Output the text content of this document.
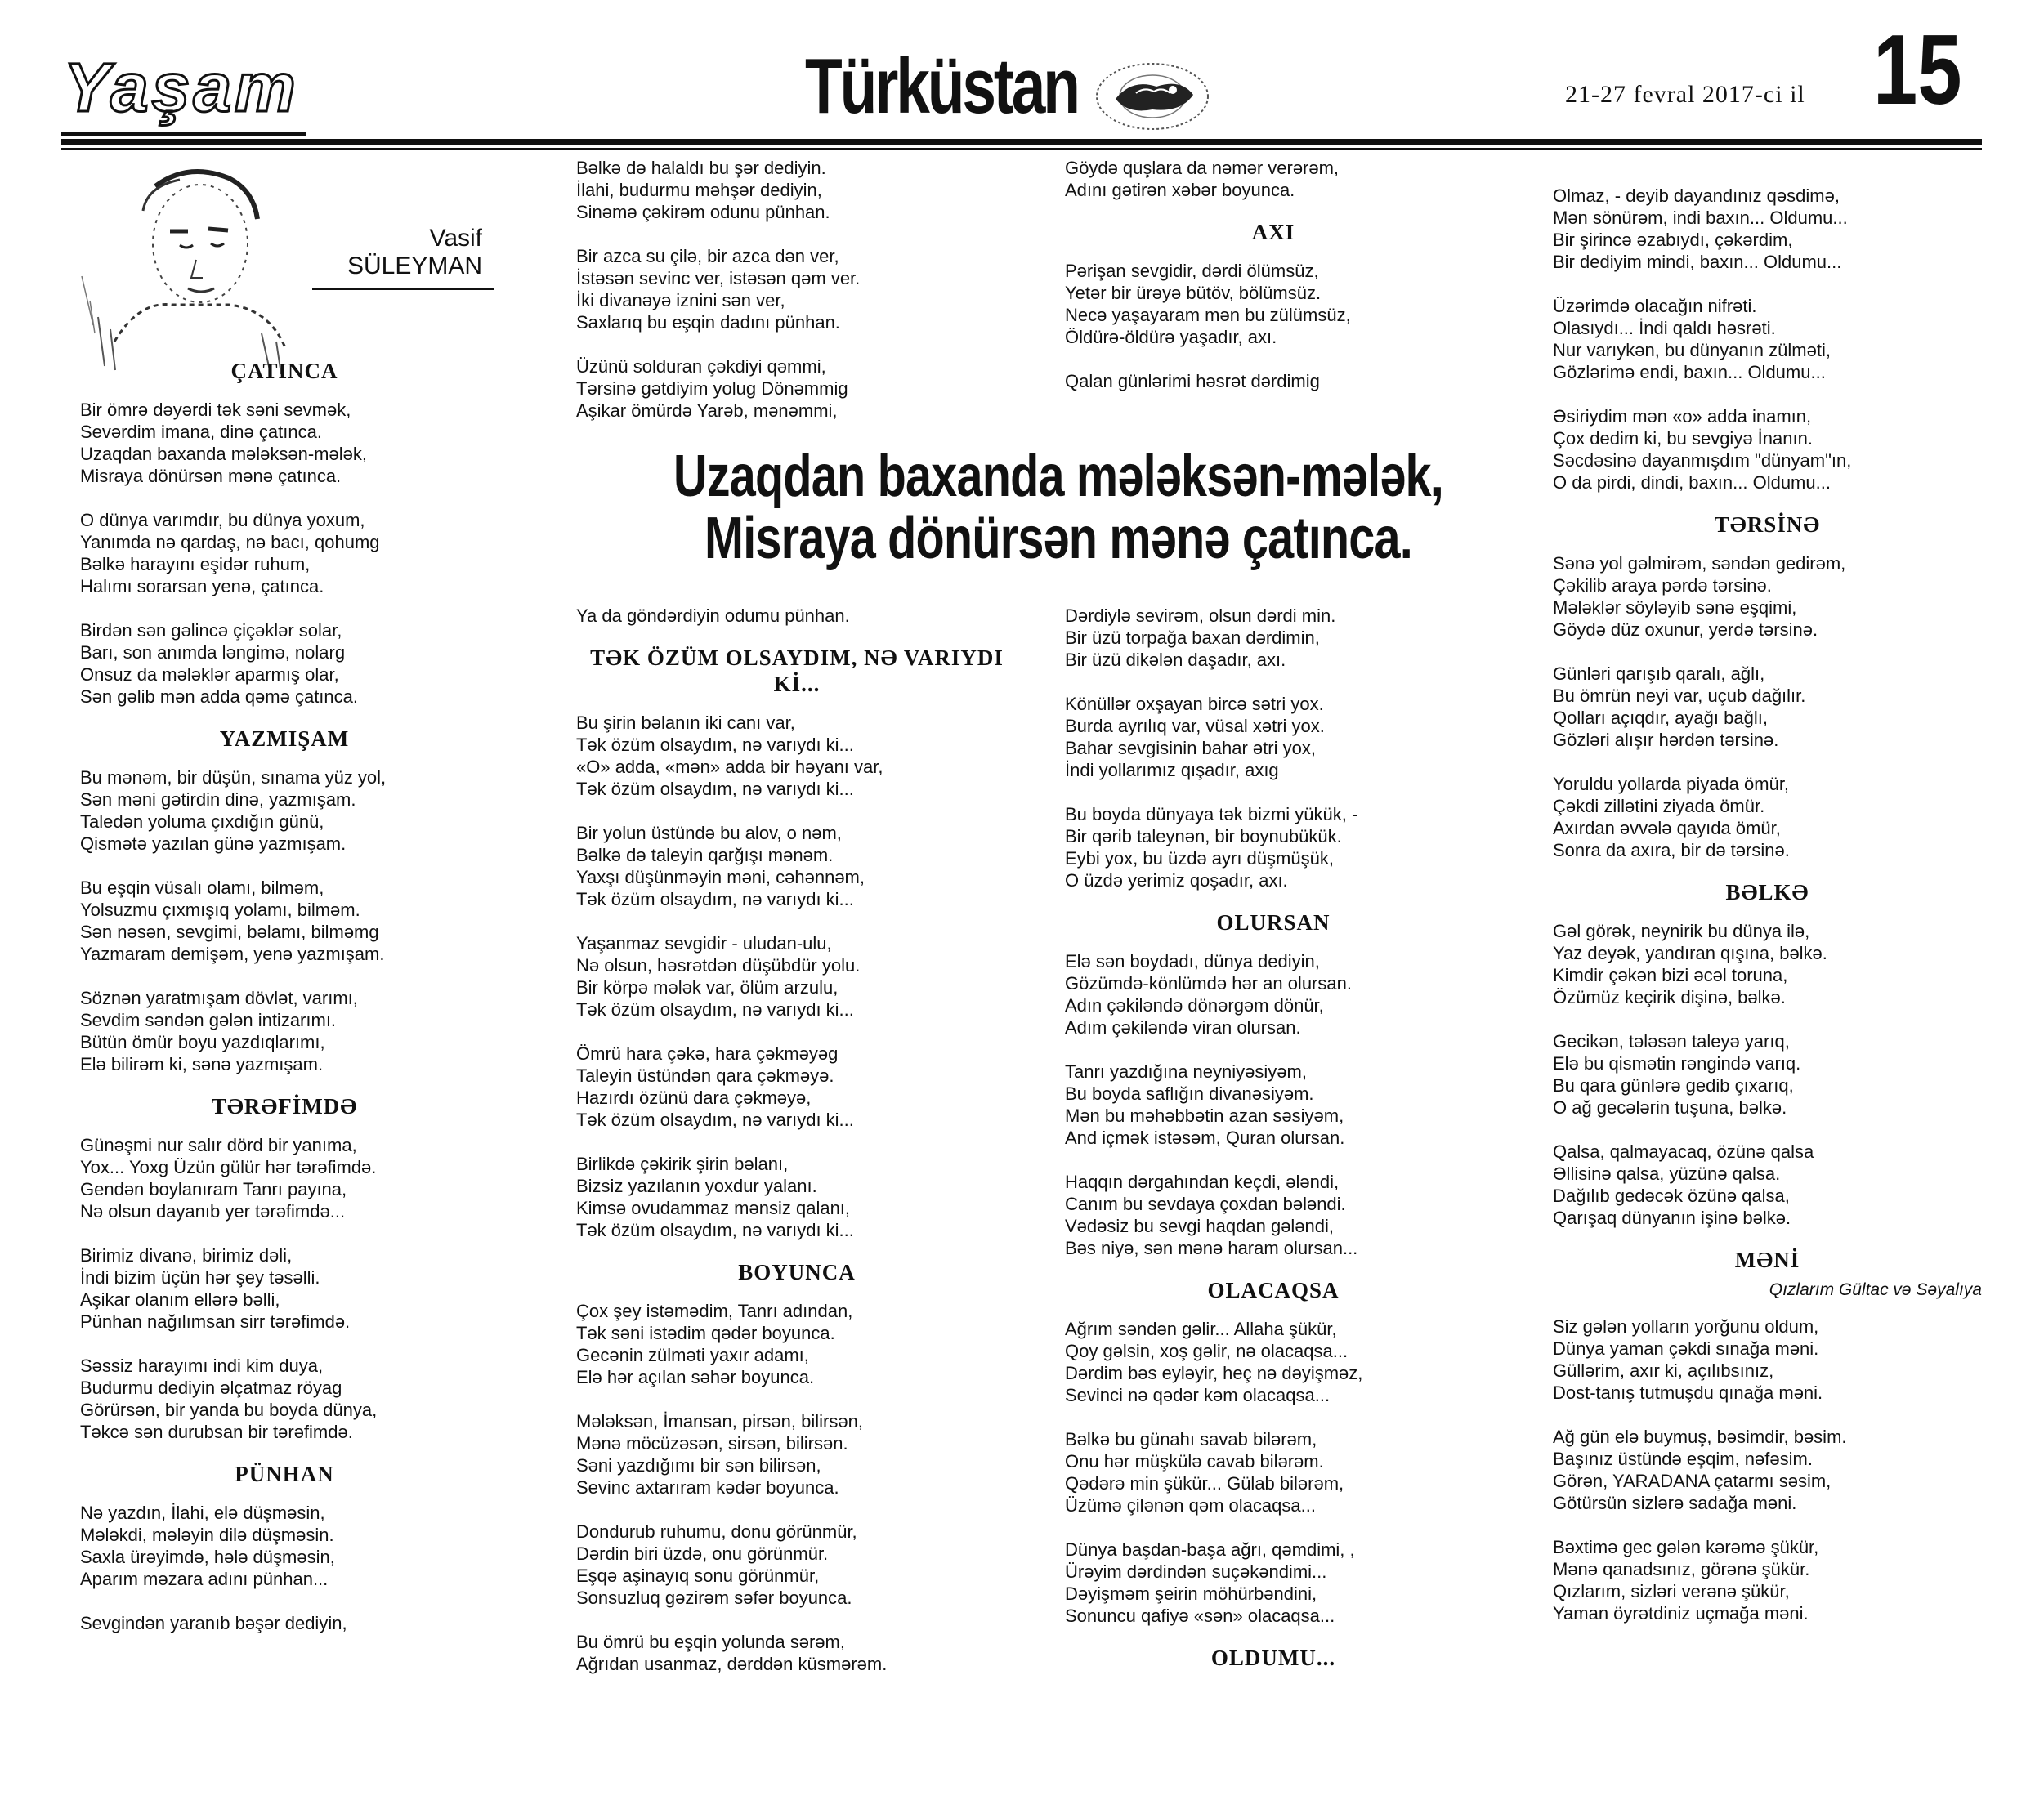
Yaşam	Türküstan	21-27 fevral 2017-ci il 15

Vasif
SÜLEYMAN

ÇATINCA

Bir ömrə dəyərdi tək səni sevmək,
Sevərdim imana, dinə çatınca.
Uzaqdan baxanda mələksən-mələk,
Misraya dönürsən mənə çatınca.

O dünya varımdır, bu dünya yoxum,
Yanımda nə qardaş, nə bacı, qohumg
Bəlkə harayını eşidər ruhum,
Halımı sorarsan yenə, çatınca.

Birdən sən gəlincə çiçəklər solar,
Barı, son anımda ləngimə, nolarg
Onsuz da mələklər aparmış olar,
Sən gəlib mən adda qəmə çatınca.

YAZMIŞAM

Bu mənəm, bir düşün, sınama yüz yol,
Sən məni gətirdin dinə, yazmışam.
Talеdən yoluma çıxdığın günü,
Qismətə yazılan günə yazmışam.

Bu eşqin vüsalı olamı, bilməm,
Yolsuzmu çıxmışıq yolamı, bilməm.
Sən nəsən, sevgimi, bəlamı, bilməmg
Yazmaram demişəm, yenə yazmışam.

Söznən yaratmışam dövlət, varımı,
Sevdim səndən gələn intizarımı.
Bütün ömür boyu yazdıqlarımı,
Elə bilirəm ki, sənə yazmışam.

TƏRƏFİMDƏ

Günəşmi nur salır dörd bir yanıma,
Yox... Yoxg Üzün gülür hər tərəfimdə.
Gendən boylanıram Tanrı payına,
Nə olsun dayanıb yer tərəfimdə...

Birimiz divanə, birimiz dəli,
İndi bizim üçün hər şey təsəlli.
Aşikar olanım ellərə bəlli,
Pünhan nağılımsan sirr tərəfimdə.

Səssiz harayımı indi kim duya,
Budurmu dediyin əlçatmaz röyag
Görürsən, bir yanda bu boyda dünya,
Təkcə sən durubsan bir tərəfimdə.

PÜNHAN

Nə yazdın, İlahi, elə düşməsin,
Mələkdi, mələyin dilə düşməsin.
Saxla ürəyimdə, hələ düşməsin,
Aparım məzara adını pünhan...

Sevgindən yaranıb bəşər dediyin,

Bəlkə də halaldı bu şər dediyin.
İlahi, budurmu məhşər dediyin,
Sinəmə çəkirəm odunu pünhan.

Bir azca su çilə, bir azca dən ver,
İstəsən sevinc ver, istəsən qəm ver.
İki divanəyə iznini sən ver,
Saxlarıq bu eşqin dadını pünhan.

Üzünü solduran çəkdiyi qəmmi,
Tərsinə gətdiyim yolug Dönəmmig
Aşikar ömürdə Yarəb, mənəmmi,

Ya da göndərdiyin odumu pünhan.

TƏK ÖZÜM OLSAYDIM, NƏ VARIYDI Kİ...

Bu şirin bəlanın iki canı var,
Tək özüm olsaydım, nə varıydı ki...
«O» adda, «mən» adda bir həyanı var,
Tək özüm olsaydım, nə varıydı ki...

Bir yolun üstündə bu alov, o nəm,
Bəlkə də taleyin qarğışı mənəm.
Yaxşı düşünməyin məni, cəhənnəm,
Tək özüm olsaydım, nə varıydı ki...

Yaşanmaz sevgidir - uludan-ulu,
Nə olsun, həsrətdən düşübdür yolu.
Bir körpə mələk var, ölüm arzulu,
Tək özüm olsaydım, nə varıydı ki...

Ömrü hara çəkə, hara çəkməyəg
Taleyin üstündən qara çəkməyə.
Hazırdı özünü dara çəkməyə,
Tək özüm olsaydım, nə varıydı ki...

Birlikdə çəkirik şirin bəlanı,
Bizsiz yazılanın yoxdur yalanı.
Kimsə ovudammaz mənsiz qalanı,
Tək özüm olsaydım, nə varıydı ki...

BOYUNCA

Çox şey istəmədim, Tanrı adından,
Tək səni istədim qədər boyunca.
Gecənin zülməti yaxır adamı,
Elə hər açılan səhər boyunca.

Mələksən, İmansan, pirsən, bilirsən,
Mənə möcüzəsən, sirsən, bilirsən.
Səni yazdığımı bir sən bilirsən,
Sevinc axtarıram kədər boyunca.

Dondurub ruhumu, donu görünmür,
Dərdin biri üzdə, onu görünmür.
Eşqə aşinayıq sonu görünmür,
Sonsuzluq gəzirəm səfər boyunca.

Bu ömrü bu eşqin yolunda sərəm,
Ağrıdan usanmaz, dərddən küsmərəm.

Göydə quşlara da nəmər verərəm,
Adını gətirən xəbər boyunca.

AXI

Pərişan sevgidir, dərdi ölümsüz,
Yetər bir ürəyə bütöv, bölümsüz.
Necə yaşayaram mən bu zülümsüz,
Öldürə-öldürə yaşadır, axı.

Qalan günlərimi həsrət dərdimig

Dərdiylə sevirəm, olsun dərdi min.
Bir üzü torpağa baxan dərdimin,
Bir üzü dikələn daşadır, axı.

Könüllər oxşayan bircə sətri yox.
Burda ayrılıq var, vüsal xətri yox.
Bahar sevgisinin bahar ətri yox,
İndi yollarımız qışadır, axıg

Bu boyda dünyaya tək bizmi yükük, -
Bir qərib taleynən, bir boynubükük.
Eybi yox, bu üzdə ayrı düşmüşük,
O üzdə yerimiz qoşadır, axı.

OLURSAN

Elə sən boydadı, dünya dediyin,
Gözümdə-könlümdə hər an olursan.
Adın çəkiləndə dönərgəm dönür,
Adım çəkiləndə viran olursan.

Tanrı yazdığına neyniyəsiyəm,
Bu boyda saflığın divanəsiyəm.
Mən bu məhəbbətin azan səsiyəm,
And içmək istəsəm, Quran olursan.

Haqqın dərgahından keçdi, ələndi,
Canım bu sevdaya çoxdan bələndi.
Vədəsiz bu sevgi haqdan gələndi,
Bəs niyə, sən mənə haram olursan...

OLACAQSA

Ağrım səndən gəlir... Allaha şükür,
Qoy gəlsin, xoş gəlir, nə olacaqsa...
Dərdim bəs eyləyir, heç nə dəyişməz,
Sevinci nə qədər kəm olacaqsa...

Bəlkə bu günahı savab bilərəm,
Onu hər müşkülə cavab bilərəm.
Qədərə min şükür... Gülab bilərəm,
Üzümə çilənən qəm olacaqsa...

Dünya başdan-başa ağrı, qəmdimi, ,
Ürəyim dərdindən suçəkəndimi...
Dəyişməm şeirin möhürbəndini,
Sonuncu qafiyə «sən» olacaqsa...

OLDUMU...

Olmaz, - deyib dayandınız qəsdimə,
Mən sönürəm, indi baxın... Oldumu...
Bir şirincə əzabıydı, çəkərdim,
Bir dediyim mindi, baxın... Oldumu...

Üzərimdə olacağın nifrəti.
Olasıydı... İndi qaldı həsrəti.
Nur varıykən, bu dünyanın zülməti,
Gözlərimə endi, baxın... Oldumu...

Əsiriydim mən «o» adda inamın,
Çox dedim ki, bu sevgiyə İnanın.
Səcdəsinə dayanmışdım "dünyam"ın,
O da pirdi, dindi, baxın... Oldumu...

TƏRSİNƏ

Sənə yol gəlmirəm, səndən gedirəm,
Çəkilib araya pərdə tərsinə.
Mələklər söyləyib sənə eşqimi,
Göydə düz oxunur, yerdə tərsinə.

Günləri qarışıb qaralı, ağlı,
Bu ömrün neyi var, uçub dağılır.
Qolları açıqdır, ayağı bağlı,
Gözləri alışır hərdən tərsinə.

Yoruldu yollarda piyada ömür,
Çəkdi zillətini ziyada ömür.
Axırdan əvvələ qayıda ömür,
Sonra da axıra, bir də tərsinə.

BƏLKƏ

Gəl görək, neynirik bu dünya ilə,
Yaz deyək, yandıran qışına, bəlkə.
Kimdir çəkən bizi əcəl toruna,
Özümüz keçirik dişinə, bəlkə.

Gecikən, tələsən taleyə yarıq,
Elə bu qismətin rəngində varıq.
Bu qara günlərə gedib çıxarıq,
O ağ gecələrin tuşuna, bəlkə.

Qalsa, qalmayacaq, özünə qalsa
Əllisinə qalsa, yüzünə qalsa.
Dağılıb gedəcək özünə qalsa,
Qarışaq dünyanın işinə bəlkə.

MƏNİ

Qızlarım Gültac və Səyalıya

Siz gələn yolların yorğunu oldum,
Dünya yaman çəkdi sınağa məni.
Güllərim, axır ki, açılıbsınız,
Dost-tanış tutmuşdu qınağa məni.

Ağ gün elə buymuş, bəsimdir, bəsim.
Başınız üstündə eşqim, nəfəsim.
Görən, YARADANA çatarmı səsim,
Götürsün sizlərə sadağa məni.

Bəxtimə gec gələn kərəmə şükür,
Mənə qanadsınız, görənə şükür.
Qızlarım, sizləri verənə şükür,
Yaman öyrətdiniz uçmağa məni.

Uzaqdan baxanda mələksən-mələk,
Misraya dönürsən mənə çatınca.
